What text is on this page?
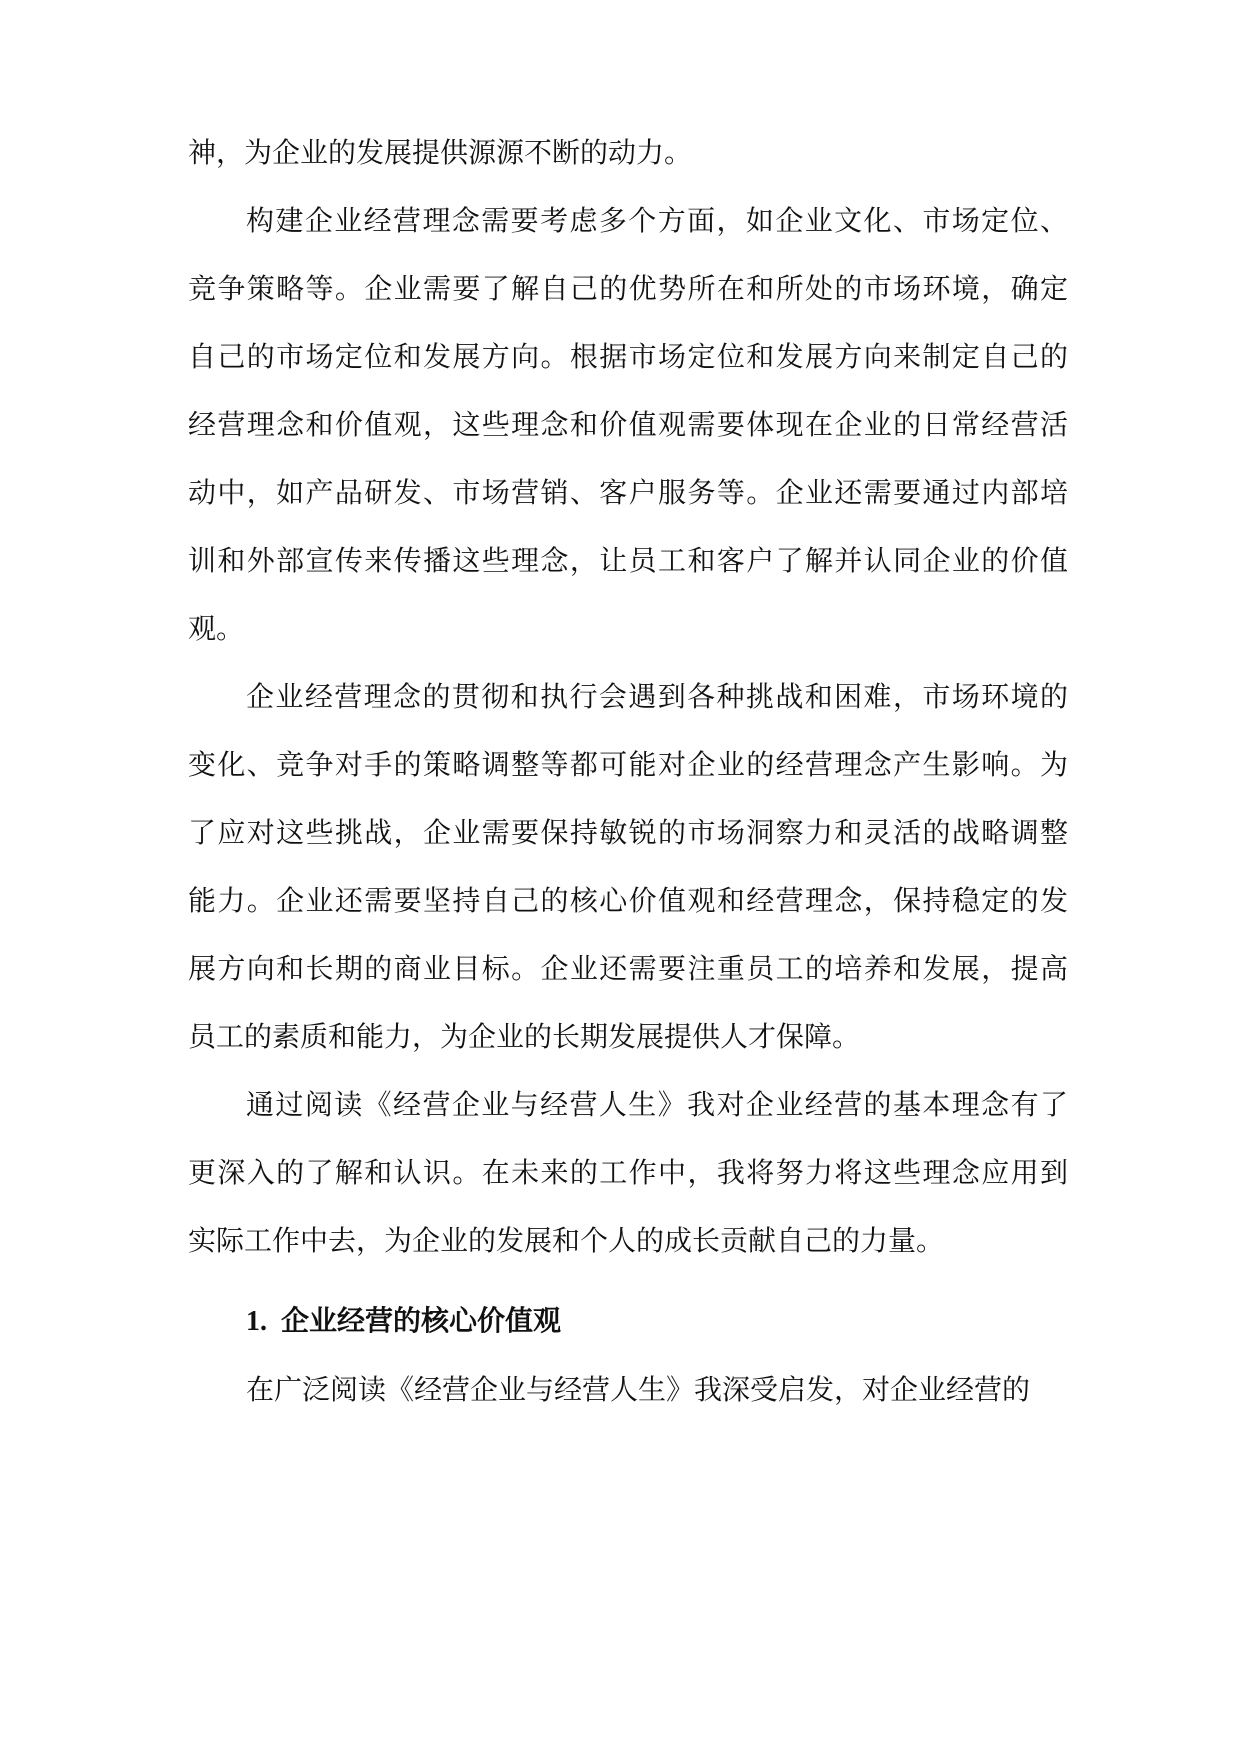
神，为企业的发展提供源源不断的动力。
构建企业经营理念需要考虑多个方面，如企业文化、市场定位、
竞争策略等。企业需要了解自己的优势所在和所处的市场环境，确定
自己的市场定位和发展方向。根据市场定位和发展方向来制定自己的
经营理念和价值观，这些理念和价值观需要体现在企业的日常经营活
动中，如产品研发、市场营销、客户服务等。企业还需要通过内部培
训和外部宣传来传播这些理念，让员工和客户了解并认同企业的价值
观。
企业经营理念的贯彻和执行会遇到各种挑战和困难，市场环境的
变化、竞争对手的策略调整等都可能对企业的经营理念产生影响。为
了应对这些挑战，企业需要保持敏锐的市场洞察力和灵活的战略调整
能力。企业还需要坚持自己的核心价值观和经营理念，保持稳定的发
展方向和长期的商业目标。企业还需要注重员工的培养和发展，提高
员工的素质和能力，为企业的长期发展提供人才保障。
通过阅读《经营企业与经营人生》我对企业经营的基本理念有了
更深入的了解和认识。在未来的工作中，我将努力将这些理念应用到
实际工作中去，为企业的发展和个人的成长贡献自己的力量。
1. 企业经营的核心价值观
在广泛阅读《经营企业与经营人生》我深受启发，对企业经营的
